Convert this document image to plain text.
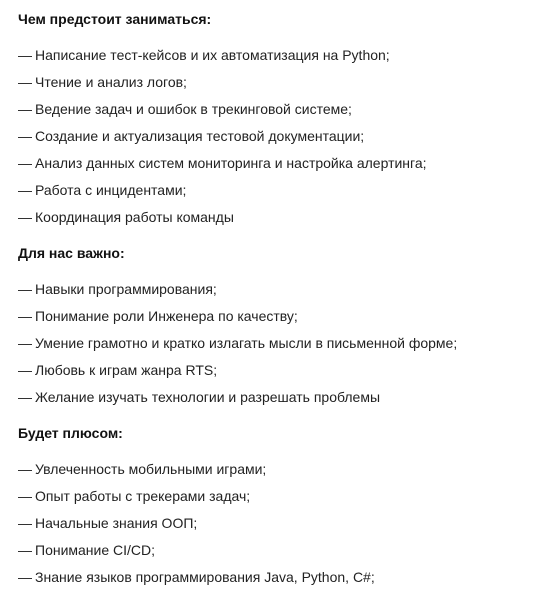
Чем предстоит заниматься:
— Написание тест-кейсов и их автоматизация на Python;
— Чтение и анализ логов;
— Ведение задач и ошибок в трекинговой системе;
— Создание и актуализация тестовой документации;
— Анализ данных систем мониторинга и настройка алертинга;
— Работа с инцидентами;
— Координация работы команды
Для нас важно:
— Навыки программирования;
— Понимание роли Инженера по качеству;
— Умение грамотно и кратко излагать мысли в письменной форме;
— Любовь к играм жанра RTS;
— Желание изучать технологии и разрешать проблемы
Будет плюсом:
— Увлеченность мобильными играми;
— Опыт работы с трекерами задач;
— Начальные знания ООП;
— Понимание CI/CD;
— Знание языков программирования Java, Python, C#;
